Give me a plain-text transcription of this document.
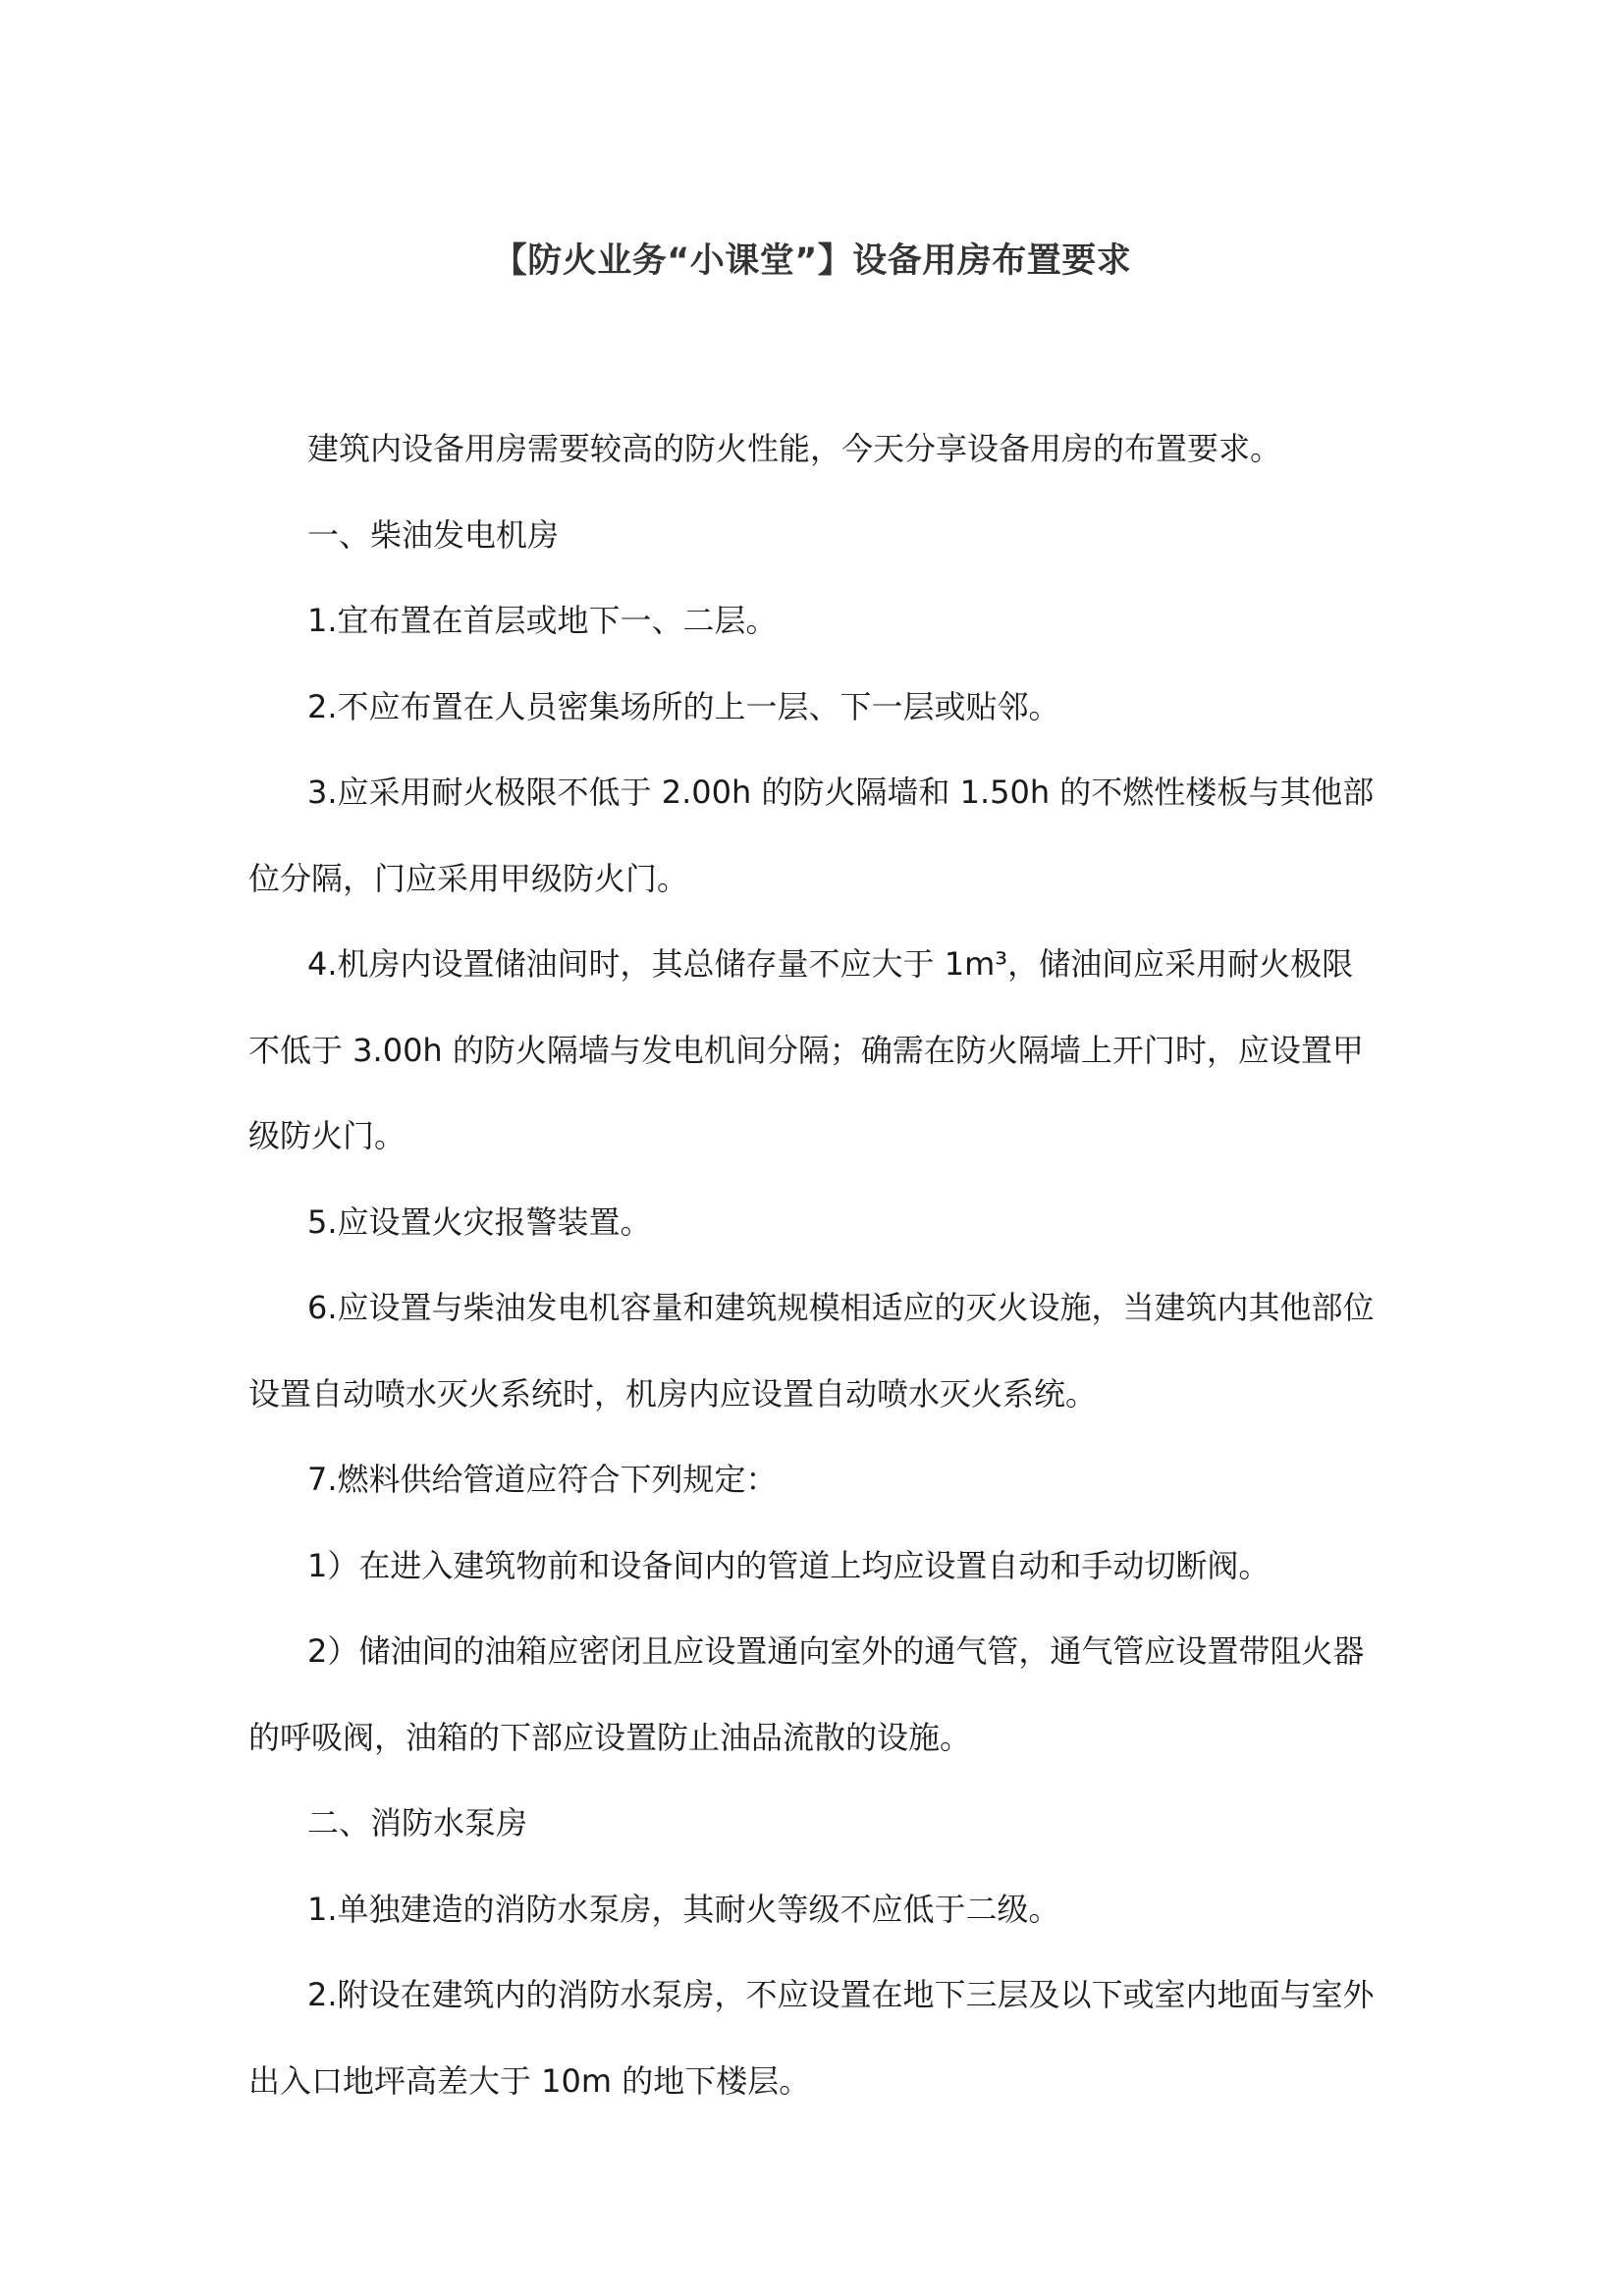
【防火业务“小课堂”】设备用房布置要求

建筑内设备用房需要较高的防火性能，今天分享设备用房的布置要求。

一、柴油发电机房

1.宜布置在首层或地下一、二层。

2.不应布置在人员密集场所的上一层、下一层或贴邻。

3.应采用耐火极限不低于 2.00h 的防火隔墙和 1.50h 的不燃性楼板与其他部位分隔，门应采用甲级防火门。

4.机房内设置储油间时，其总储存量不应大于 1m³，储油间应采用耐火极限不低于 3.00h 的防火隔墙与发电机间分隔；确需在防火隔墙上开门时，应设置甲级防火门。

5.应设置火灾报警装置。

6.应设置与柴油发电机容量和建筑规模相适应的灭火设施，当建筑内其他部位设置自动喷水灭火系统时，机房内应设置自动喷水灭火系统。

7.燃料供给管道应符合下列规定：

1）在进入建筑物前和设备间内的管道上均应设置自动和手动切断阀。

2）储油间的油箱应密闭且应设置通向室外的通气管，通气管应设置带阻火器的呼吸阀，油箱的下部应设置防止油品流散的设施。

二、消防水泵房

1.单独建造的消防水泵房，其耐火等级不应低于二级。

2.附设在建筑内的消防水泵房，不应设置在地下三层及以下或室内地面与室外出入口地坪高差大于 10m 的地下楼层。
